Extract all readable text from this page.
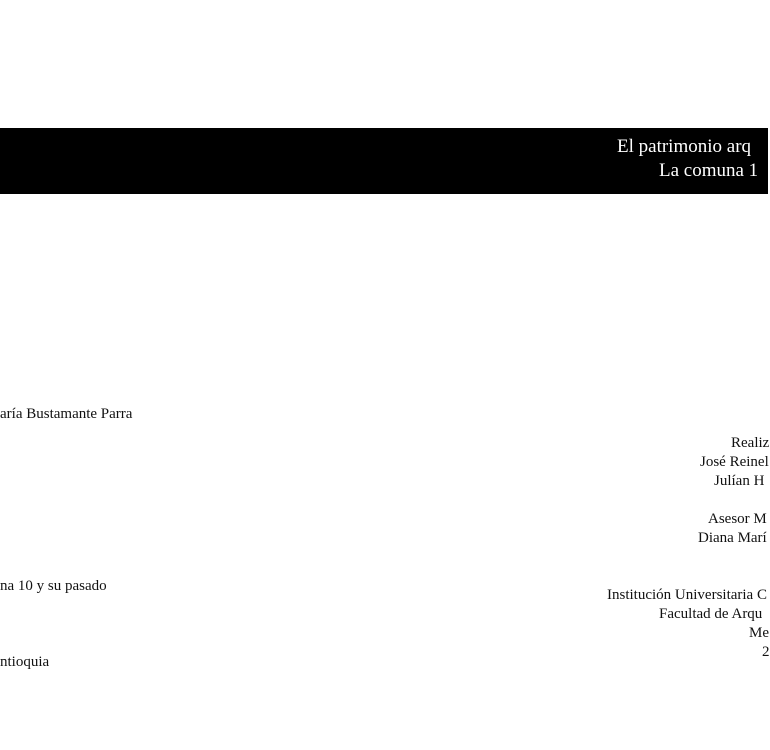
El patrimonio arq
La comuna 1
aría Bustamante Parra
na 10 y su pasado
ntioquia
Realiz
José Reinel
Julían H
Asesor M
Diana Marí
Institución Universitaria C
Facultad de Arqu
Me
2
